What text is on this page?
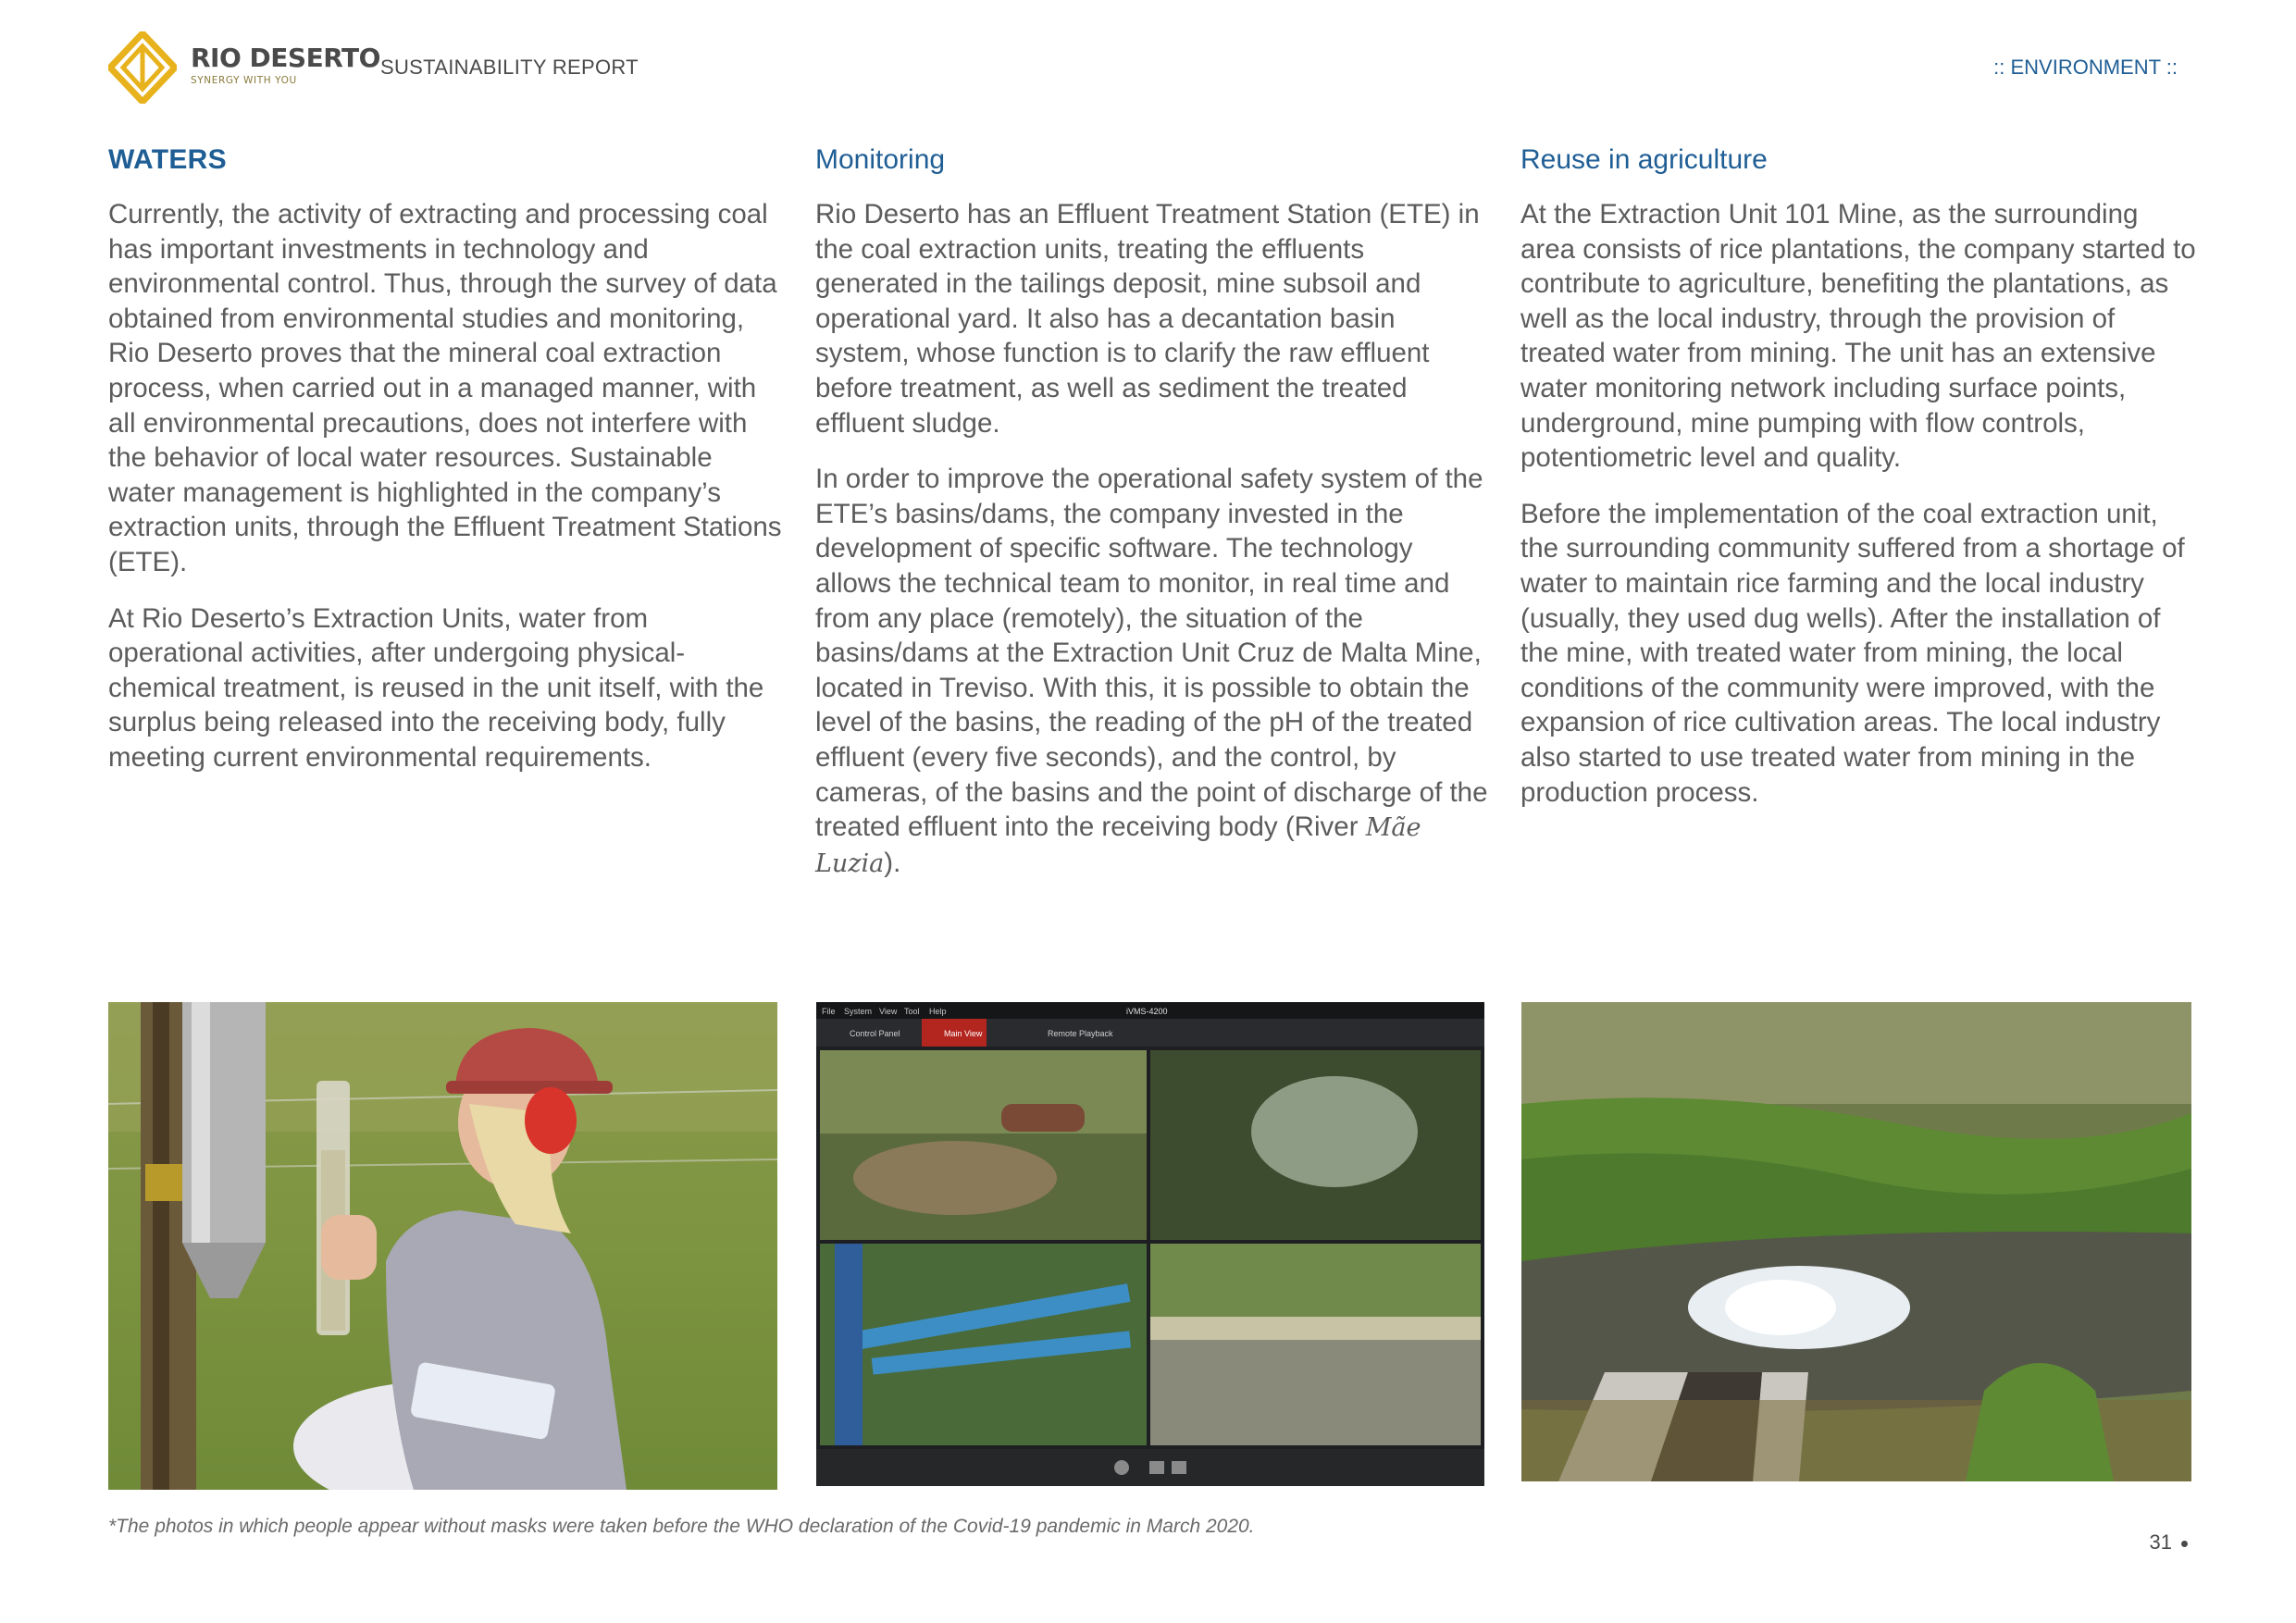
RIO DESERTO
SYNERGY WITH YOU
SUSTAINABILITY REPORT	:: ENVIRONMENT ::
WATERS

Currently, the activity of extracting and processing coal has important investments in technology and environmental control. Thus, through the survey of data obtained from environmental studies and monitoring, Rio Deserto proves that the mineral coal extraction process, when carried out in a managed manner, with all environmental precautions, does not interfere with the behavior of local water resources. Sustainable water management is highlighted in the company’s extraction units, through the Effluent Treatment Stations (ETE).

At Rio Deserto’s Extraction Units, water from operational activities, after undergoing physical-chemical treatment, is reused in the unit itself, with the surplus being released into the receiving body, fully meeting current environmental requirements.

Monitoring

Rio Deserto has an Effluent Treatment Station (ETE) in the coal extraction units, treating the effluents generated in the tailings deposit, mine subsoil and operational yard. It also has a decantation basin system, whose function is to clarify the raw effluent before treatment, as well as sediment the treated effluent sludge.

In order to improve the operational safety system of the ETE’s basins/dams, the company invested in the development of specific software. The technology allows the technical team to monitor, in real time and from any place (remotely), the situation of the basins/dams at the Extraction Unit Cruz de Malta Mine, located in Treviso. With this, it is possible to obtain the level of the basins, the reading of the pH of the treated effluent (every five seconds), and the control, by cameras, of the basins and the point of discharge of the treated effluent into the receiving body (River Mãe Luzia).

Reuse in agriculture

At the Extraction Unit 101 Mine, as the surrounding area consists of rice plantations, the company started to contribute to agriculture, benefiting the plantations, as well as the local industry, through the provision of treated water from mining. The unit has an extensive water monitoring network including surface points, underground, mine pumping with flow controls, potentiometric level and quality.

Before the implementation of the coal extraction unit, the surrounding community suffered from a shortage of water to maintain rice farming and the local industry (usually, they used dug wells). After the installation of the mine, with treated water from mining, the local conditions of the community were improved, with the expansion of rice cultivation areas. The local industry also started to use treated water from mining in the production process.

File System View Tool Help	iVMS-4200
Control Panel	Main View	Remote Playback
*The photos in which people appear without masks were taken before the WHO declaration of the Covid-19 pandemic in March 2020.
31
